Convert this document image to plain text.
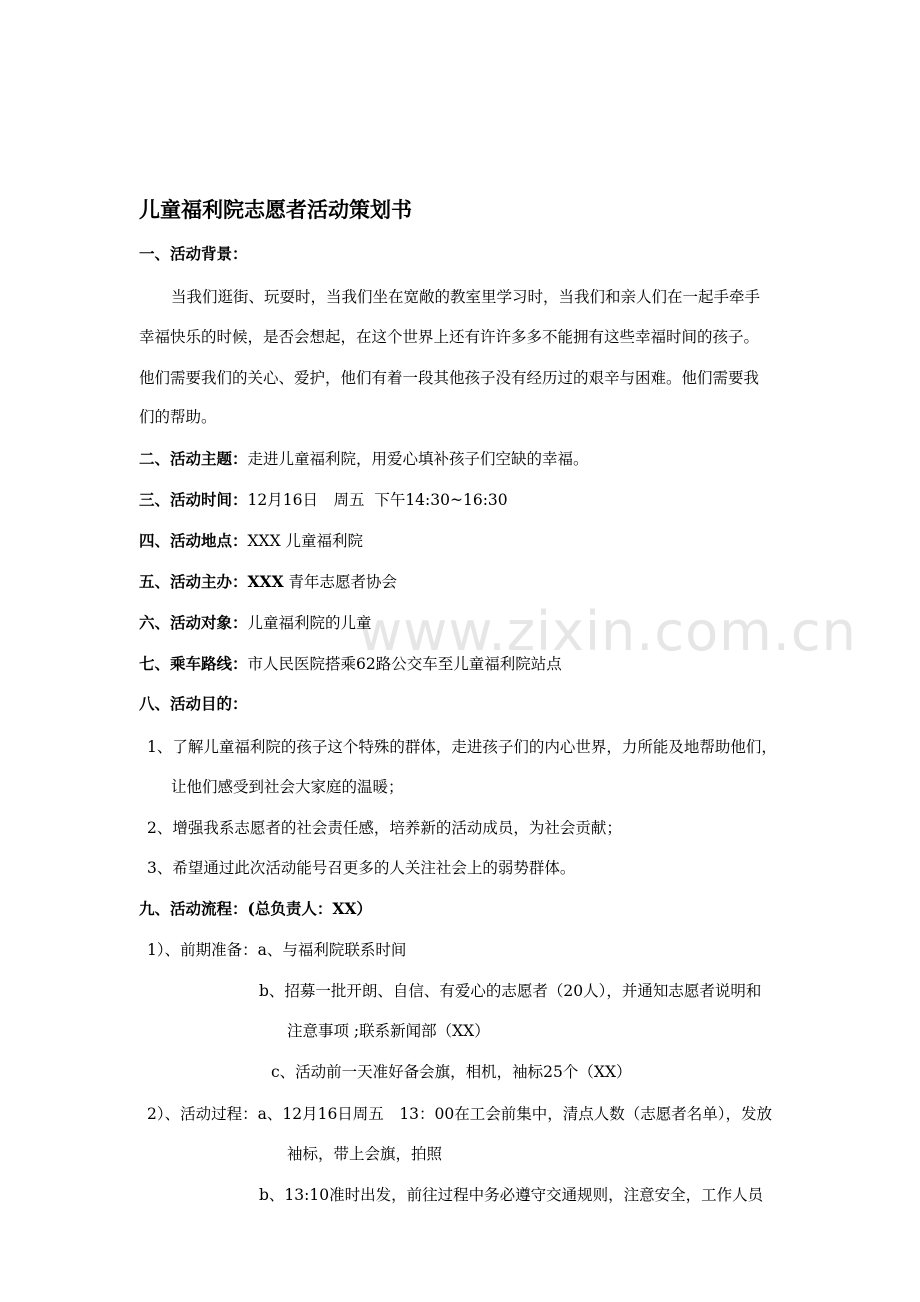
www.zixin.com.cn
儿童福利院志愿者活动策划书
一、活动背景：
当我们逛街、玩耍时，当我们坐在宽敞的教室里学习时，当我们和亲人们在一起手牵手
幸福快乐的时候，是否会想起，在这个世界上还有许许多多不能拥有这些幸福时间的孩子。
他们需要我们的关心、爱护，他们有着一段其他孩子没有经历过的艰辛与困难。他们需要我
们的帮助。
二、活动主题：走进儿童福利院，用爱心填补孩子们空缺的幸福。
三、活动时间：12月16日　周五  下午14:30~16:30
四、活动地点：XXX 儿童福利院
五、活动主办：XXX 青年志愿者协会
六、活动对象：儿童福利院的儿童
七、乘车路线：市人民医院搭乘62路公交车至儿童福利院站点
八、活动目的：
1、了解儿童福利院的孩子这个特殊的群体，走进孩子们的内心世界，力所能及地帮助他们，
让他们感受到社会大家庭的温暖；
2、增强我系志愿者的社会责任感，培养新的活动成员，为社会贡献；
3、希望通过此次活动能号召更多的人关注社会上的弱势群体。
九、活动流程：(总负责人：XX）
1）、前期准备：a、与福利院联系时间
b、招募一批开朗、自信、有爱心的志愿者（20人），并通知志愿者说明和
注意事项 ;联系新闻部（XX）
c、活动前一天准好备会旗，相机，袖标25个（XX）
2）、活动过程：a、12月16日周五　13：00在工会前集中，清点人数（志愿者名单），发放
袖标，带上会旗，拍照
b、13:10准时出发，前往过程中务必遵守交通规则，注意安全，工作人员
